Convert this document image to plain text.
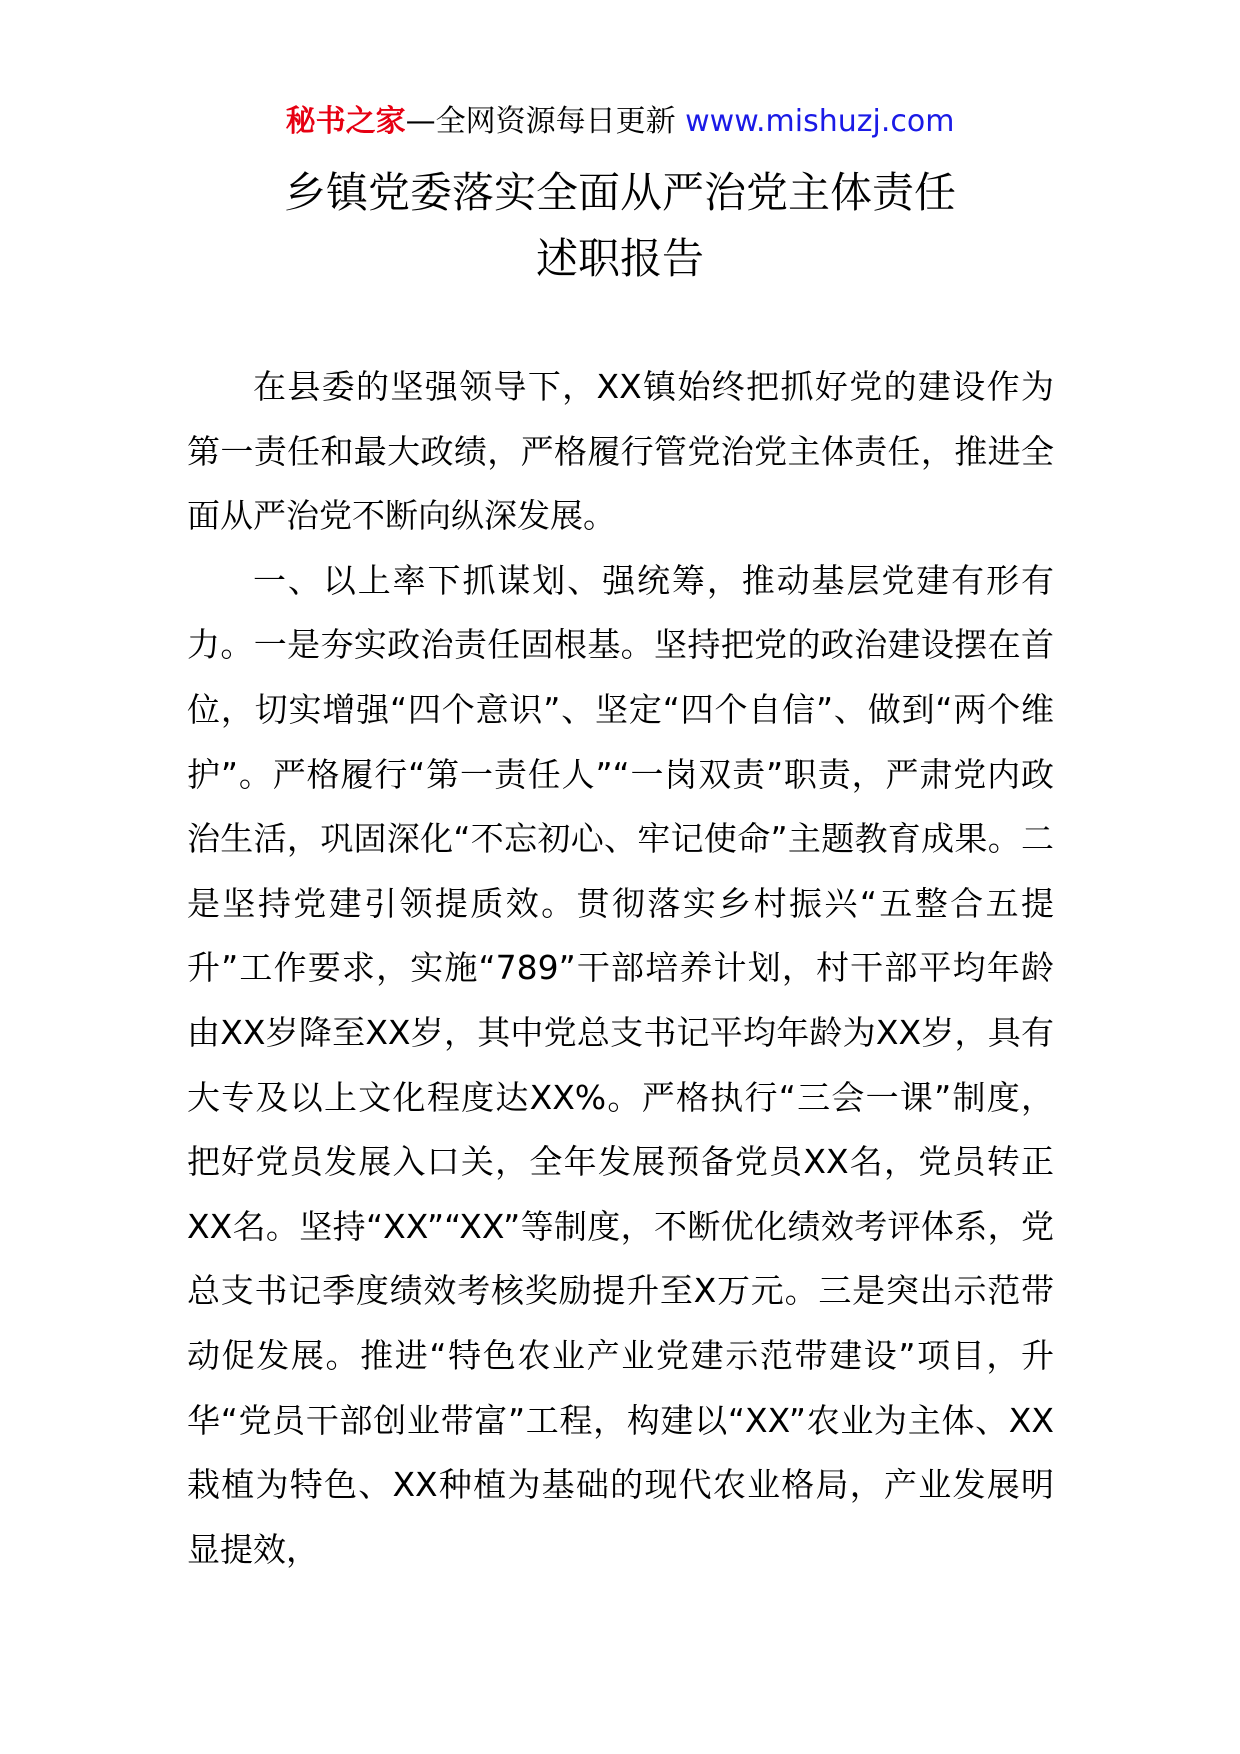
秘书之家—全网资源每日更新 www.mishuzj.com
乡镇党委落实全面从严治党主体责任
述职报告

在县委的坚强领导下，XX镇始终把抓好党的建设作为第一责任和最大政绩，严格履行管党治党主体责任，推进全面从严治党不断向纵深发展。

一、以上率下抓谋划、强统筹，推动基层党建有形有力。一是夯实政治责任固根基。坚持把党的政治建设摆在首位，切实增强“四个意识”、坚定“四个自信”、做到“两个维护”。严格履行“第一责任人”“一岗双责”职责，严肃党内政治生活，巩固深化“不忘初心、牢记使命”主题教育成果。二是坚持党建引领提质效。贯彻落实乡村振兴“五整合五提升”工作要求，实施“789”干部培养计划，村干部平均年龄由XX岁降至XX岁，其中党总支书记平均年龄为XX岁，具有大专及以上文化程度达XX%。严格执行“三会一课”制度，把好党员发展入口关，全年发展预备党员XX名，党员转正XX名。坚持“XX”“XX”等制度，不断优化绩效考评体系，党总支书记季度绩效考核奖励提升至X万元。三是突出示范带动促发展。推进“特色农业产业党建示范带建设”项目，升华“党员干部创业带富”工程，构建以“XX”农业为主体、XX栽植为特色、XX种植为基础的现代农业格局，产业发展明显提效，
